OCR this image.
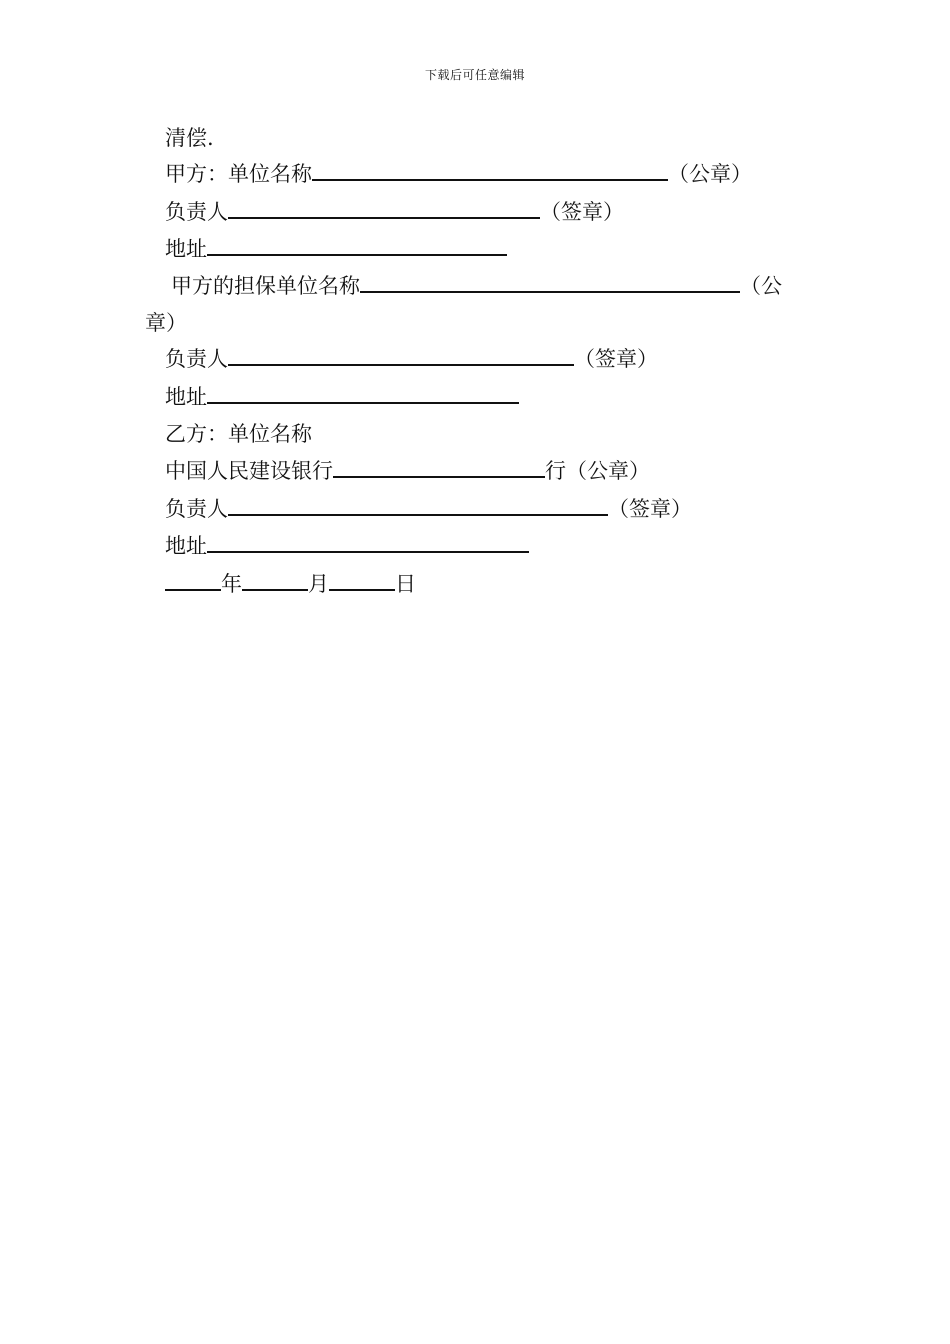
下载后可任意编辑
清偿.
甲方：单位名称	（公章）
负责人	（签章）
地址
甲方的担保单位名称	（公
章）
负责人	（签章）
地址
乙方：单位名称
中国人民建设银行	行（公章）
负责人	（签章）
地址
年	月	日
